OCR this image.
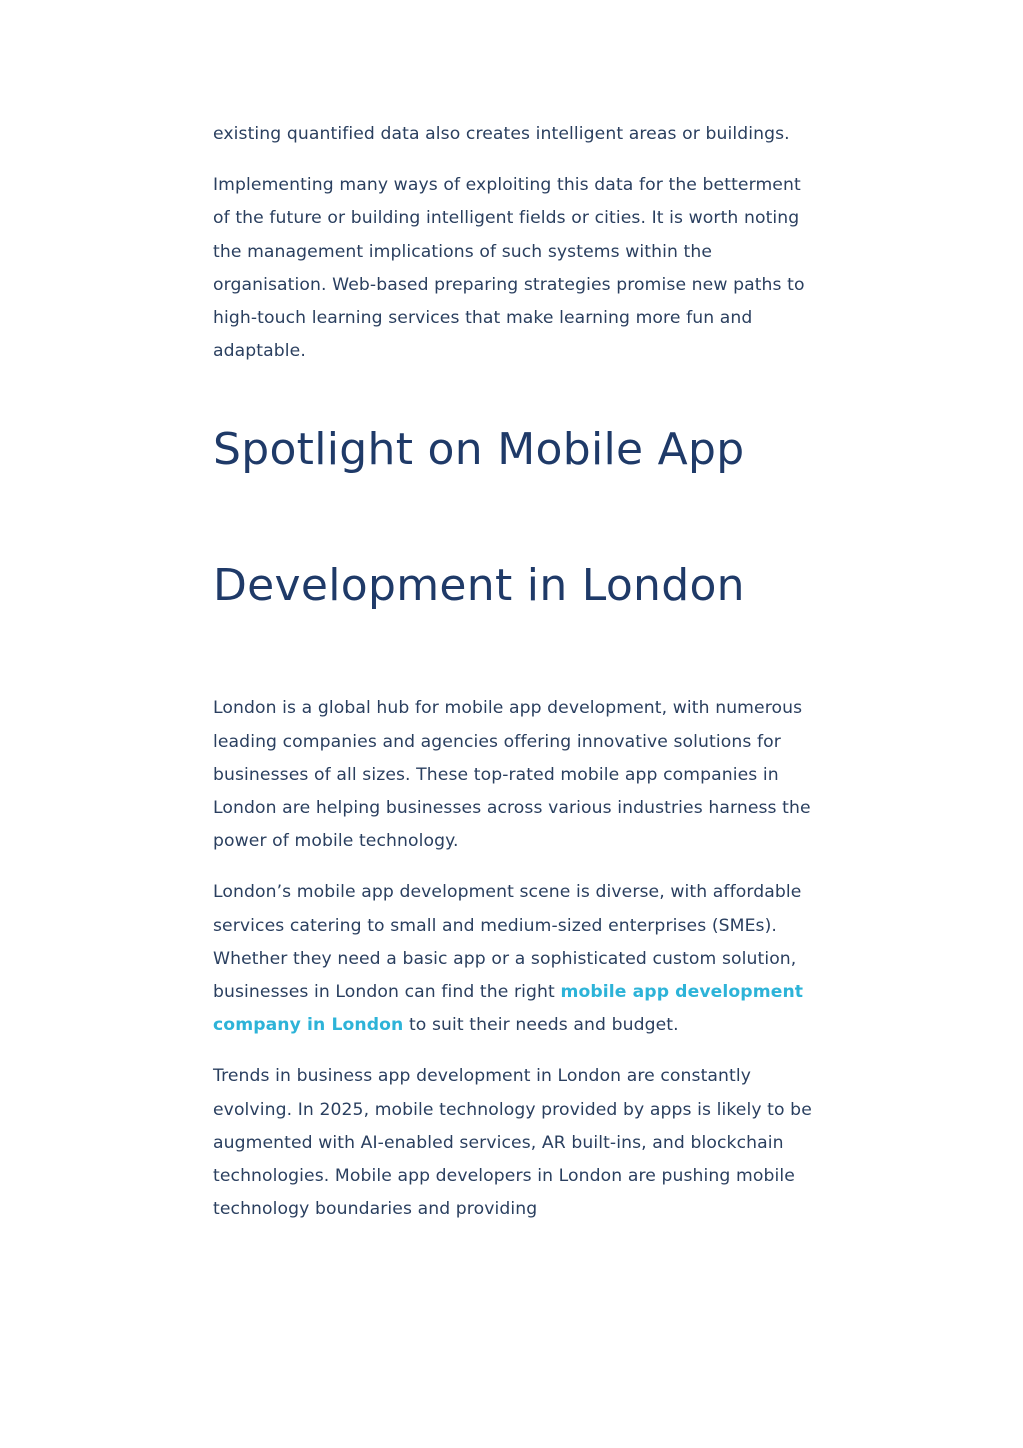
existing quantified data also creates intelligent areas or buildings.

Implementing many ways of exploiting this data for the betterment of the future or building intelligent fields or cities. It is worth noting the management implications of such systems within the organisation. Web-based preparing strategies promise new paths to high-touch learning services that make learning more fun and adaptable.

Spotlight on Mobile App
Development in London

London is a global hub for mobile app development, with numerous leading companies and agencies offering innovative solutions for businesses of all sizes. These top-rated mobile app companies in London are helping businesses across various industries harness the power of mobile technology.

London’s mobile app development scene is diverse, with affordable services catering to small and medium-sized enterprises (SMEs). Whether they need a basic app or a sophisticated custom solution, businesses in London can find the right mobile app development company in London to suit their needs and budget.

Trends in business app development in London are constantly evolving. In 2025, mobile technology provided by apps is likely to be augmented with AI-enabled services, AR built-ins, and blockchain technologies. Mobile app developers in London are pushing mobile technology boundaries and providing
